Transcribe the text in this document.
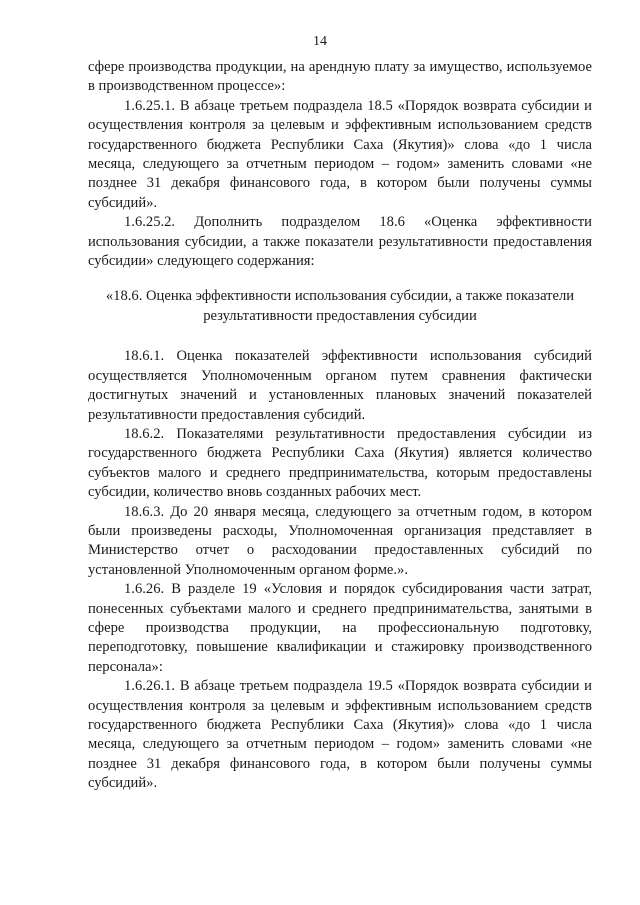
14

сфере производства продукции, на арендную плату за имущество, используемое в производственном процессе»:

1.6.25.1. В абзаце третьем подраздела 18.5 «Порядок возврата субсидии и осуществления контроля за целевым и эффективным использованием средств государственного бюджета Республики Саха (Якутия)» слова «до 1 числа месяца, следующего за отчетным периодом – годом» заменить словами «не позднее 31 декабря финансового года, в котором были получены суммы субсидий».

1.6.25.2. Дополнить подразделом 18.6 «Оценка эффективности использования субсидии, а также показатели результативности предоставления субсидии» следующего содержания:

«18.6. Оценка эффективности использования субсидии, а также показатели результативности предоставления субсидии

18.6.1. Оценка показателей эффективности использования субсидий осуществляется Уполномоченным органом путем сравнения фактически достигнутых значений и установленных плановых значений показателей результативности предоставления субсидий.

18.6.2. Показателями результативности предоставления субсидии из государственного бюджета Республики Саха (Якутия) является количество субъектов малого и среднего предпринимательства, которым предоставлены субсидии, количество вновь созданных рабочих мест.

18.6.3. До 20 января месяца, следующего за отчетным годом, в котором были произведены расходы, Уполномоченная организация представляет в Министерство отчет о расходовании предоставленных субсидий по установленной Уполномоченным органом форме.».

1.6.26. В разделе 19 «Условия и порядок субсидирования части затрат, понесенных субъектами малого и среднего предпринимательства, занятыми в сфере производства продукции, на профессиональную подготовку, переподготовку, повышение квалификации и стажировку производственного персонала»:

1.6.26.1. В абзаце третьем подраздела 19.5 «Порядок возврата субсидии и осуществления контроля за целевым и эффективным использованием средств государственного бюджета Республики Саха (Якутия)» слова «до 1 числа месяца, следующего за отчетным периодом – годом» заменить словами «не позднее 31 декабря финансового года, в котором были получены суммы субсидий».
